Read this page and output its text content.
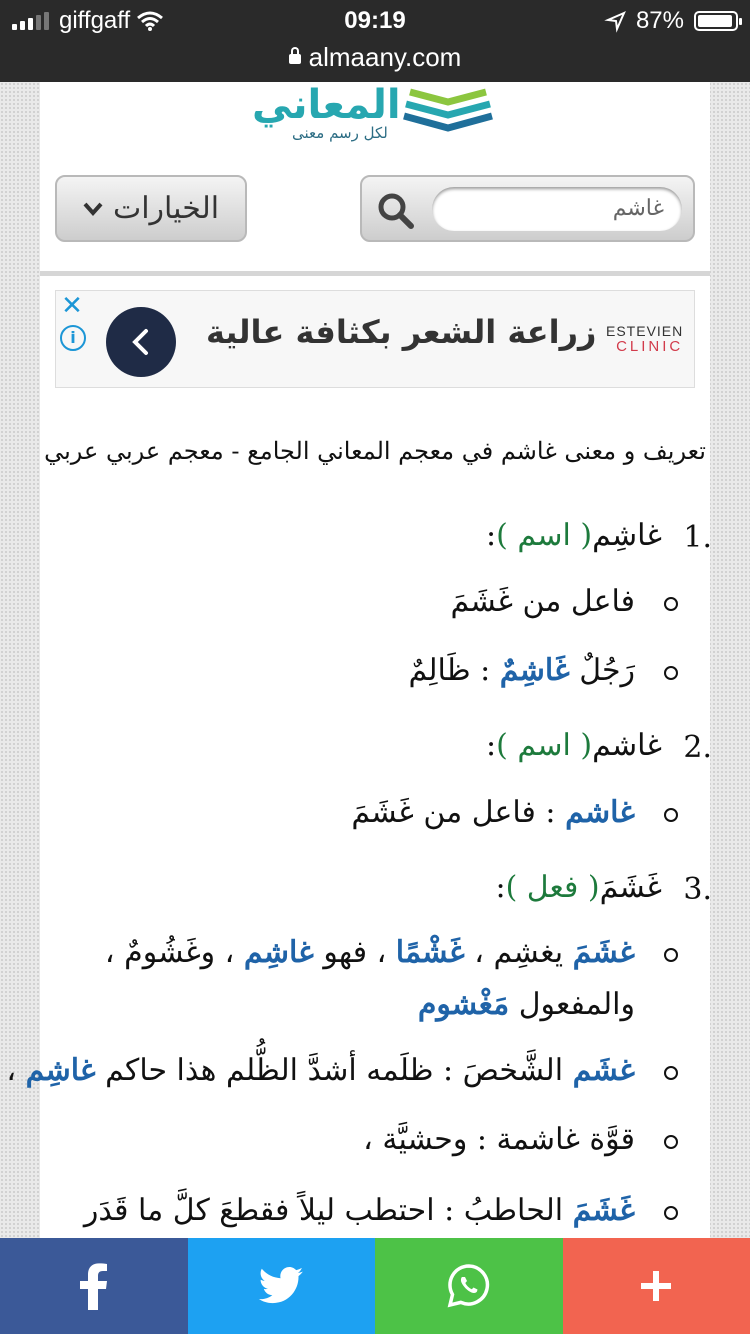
giffgaff	09:19	87%
almaany.com
المعاني
لكل رسم معنى
الخيارات	غاشم
✕
i	زراعة الشعر بكثافة عالية ESTEVIEN
CLINIC
تعريف و معنى غاشم في معجم المعاني الجامع - معجم عربي عربي
1.
غاشِم( اسم ):
فاعل من غَشَمَ
رَجُلٌ غَاشِمٌ : ظَالِمٌ
2.
غاشم( اسم ):
غاشم : فاعل من غَشَمَ
3.
غَشَمَ( فعل ):
غشَمَ يغشِم ، غَشْمًا ، فهو غاشِم ، وغَشُومٌ ،
والمفعول مَغْشوم
غشَم الشَّخصَ : ظلَمه أشدَّ الظُّلم هذا حاكم غاشِم ،
قوَّة غاشمة : وحشيَّة ،
غَشَمَ الحاطبُ : احتطب ليلاً فقطعَ كلَّ ما قَدَر
